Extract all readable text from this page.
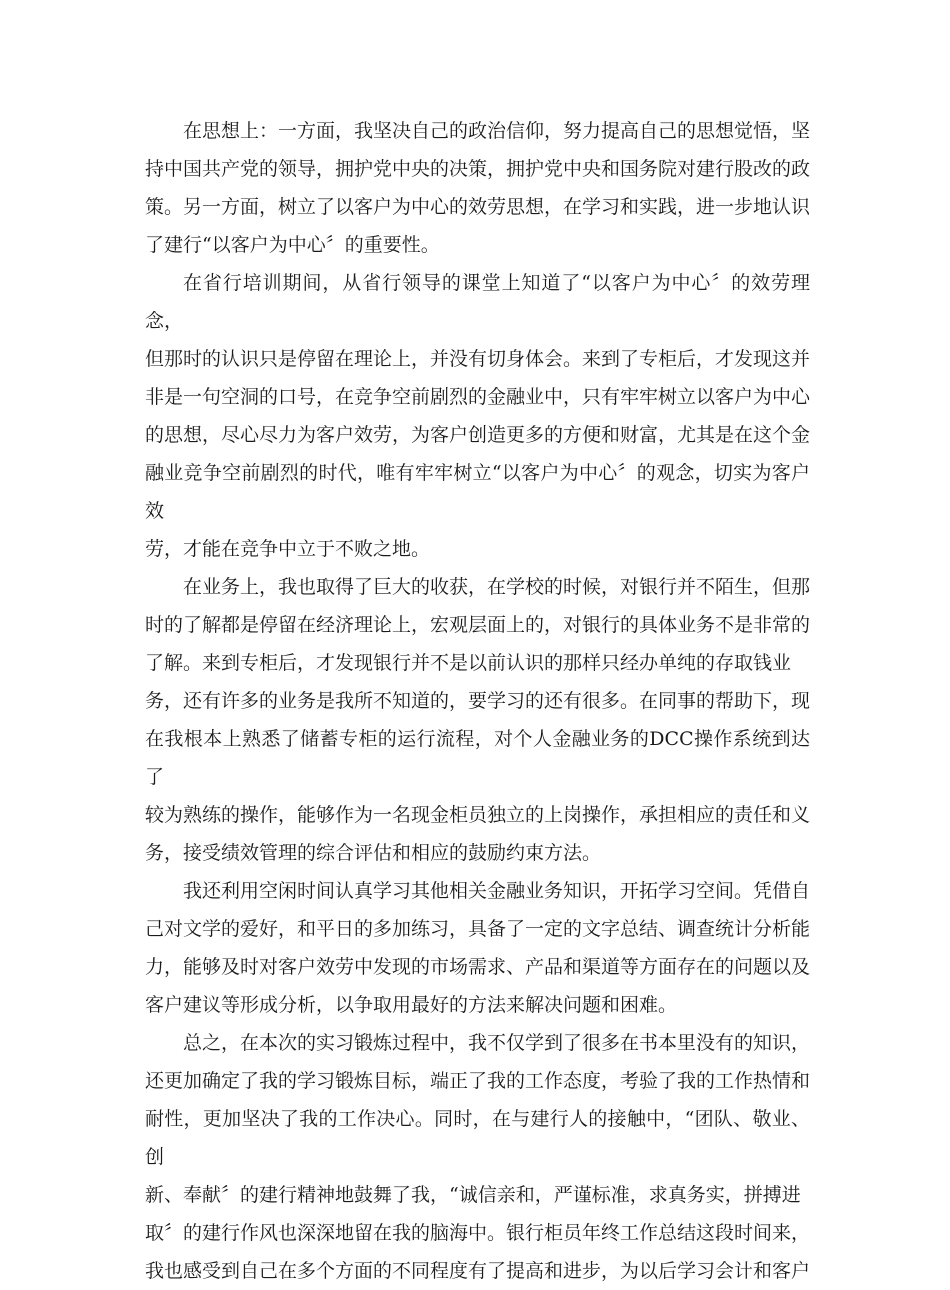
在思想上：一方面，我坚决自己的政治信仰，努力提高自己的思想觉悟，坚
持中国共产党的领导，拥护党中央的决策，拥护党中央和国务院对建行股改的政
策。另一方面，树立了以客户为中心的效劳思想，在学习和实践，进一步地认识
了建行“以客户为中心〞的重要性。
在省行培训期间，从省行领导的课堂上知道了“以客户为中心〞的效劳理念，
但那时的认识只是停留在理论上，并没有切身体会。来到了专柜后，才发现这并
非是一句空洞的口号，在竞争空前剧烈的金融业中，只有牢牢树立以客户为中心
的思想，尽心尽力为客户效劳，为客户创造更多的方便和财富，尤其是在这个金
融业竞争空前剧烈的时代，唯有牢牢树立“以客户为中心〞的观念，切实为客户效
劳，才能在竞争中立于不败之地。
在业务上，我也取得了巨大的收获，在学校的时候，对银行并不陌生，但那
时的了解都是停留在经济理论上，宏观层面上的，对银行的具体业务不是非常的
了解。来到专柜后，才发现银行并不是以前认识的那样只经办单纯的存取钱业
务，还有许多的业务是我所不知道的，要学习的还有很多。在同事的帮助下，现
在我根本上熟悉了储蓄专柜的运行流程，对个人金融业务的DCC操作系统到达了
较为熟练的操作，能够作为一名现金柜员独立的上岗操作，承担相应的责任和义
务，接受绩效管理的综合评估和相应的鼓励约束方法。
我还利用空闲时间认真学习其他相关金融业务知识，开拓学习空间。凭借自
己对文学的爱好，和平日的多加练习，具备了一定的文字总结、调查统计分析能
力，能够及时对客户效劳中发现的市场需求、产品和渠道等方面存在的问题以及
客户建议等形成分析，以争取用最好的方法来解决问题和困难。
总之，在本次的实习锻炼过程中，我不仅学到了很多在书本里没有的知识，
还更加确定了我的学习锻炼目标，端正了我的工作态度，考验了我的工作热情和
耐性，更加坚决了我的工作决心。同时，在与建行人的接触中，“团队、敬业、创
新、奉献〞的建行精神地鼓舞了我，“诚信亲和，严谨标准，求真务实，拼搏进
取〞的建行作风也深深地留在我的脑海中。银行柜员年终工作总结这段时间来，
我也感受到自己在多个方面的不同程度有了提高和进步，为以后学习会计和客户
